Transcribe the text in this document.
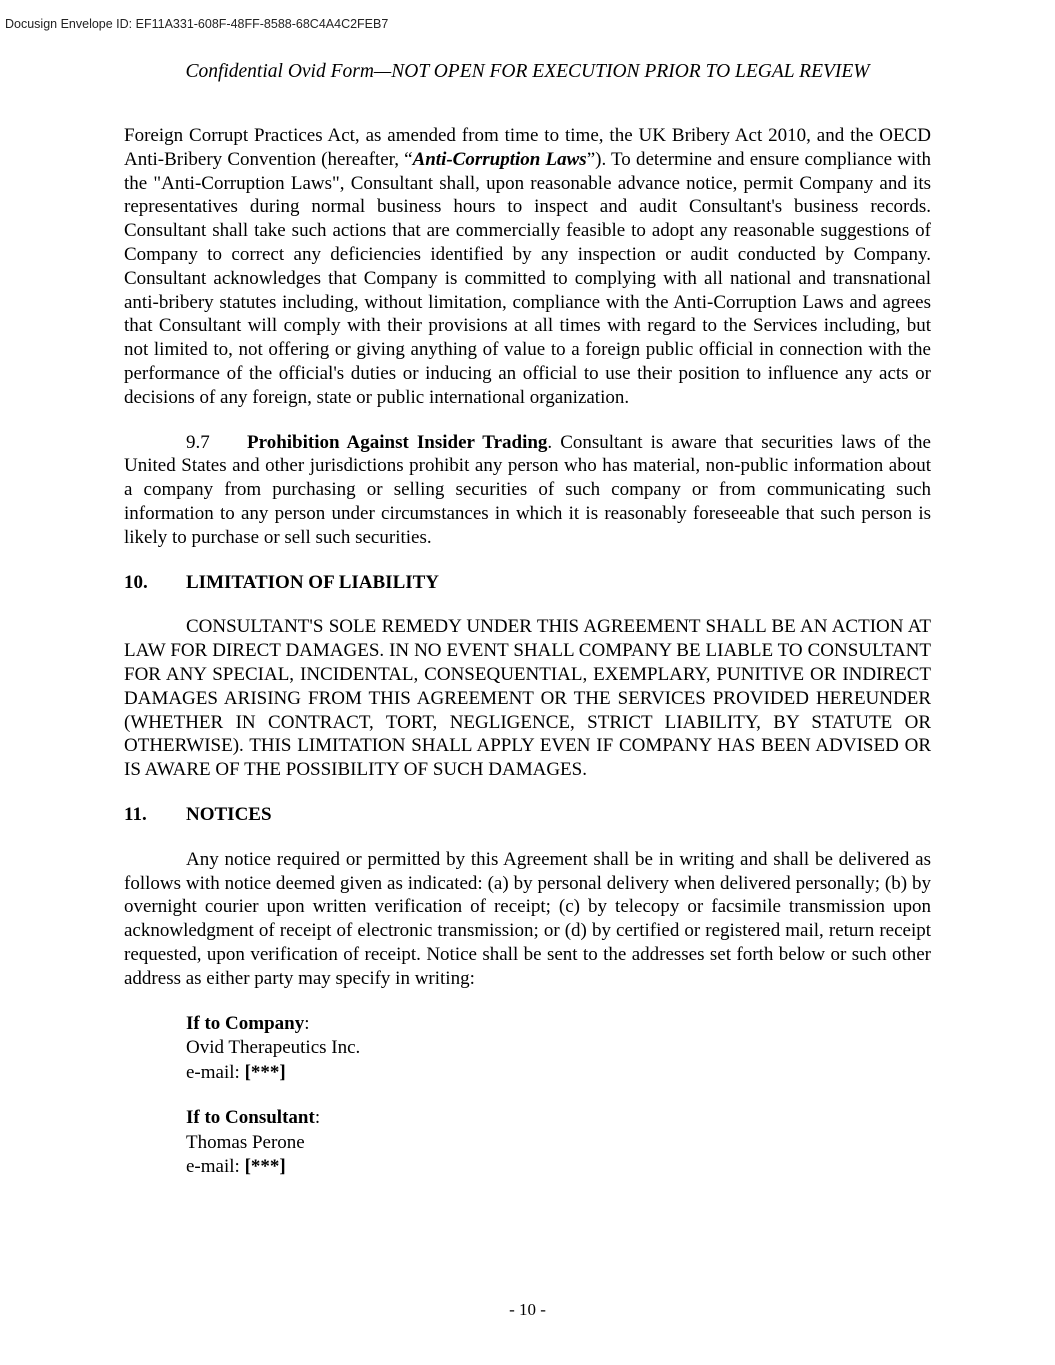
Docusign Envelope ID: EF11A331-608F-48FF-8588-68C4A4C2FEB7
Confidential Ovid Form—NOT OPEN FOR EXECUTION PRIOR TO LEGAL REVIEW

Foreign Corrupt Practices Act, as amended from time to time, the UK Bribery Act 2010, and the OECD Anti-Bribery Convention (hereafter, “Anti-Corruption Laws”). To determine and ensure compliance with the "Anti-Corruption Laws", Consultant shall, upon reasonable advance notice, permit Company and its representatives during normal business hours to inspect and audit Consultant's business records. Consultant shall take such actions that are commercially feasible to adopt any reasonable suggestions of Company to correct any deficiencies identified by any inspection or audit conducted by Company. Consultant acknowledges that Company is committed to complying with all national and transnational anti-bribery statutes including, without limitation, compliance with the Anti-Corruption Laws and agrees that Consultant will comply with their provisions at all times with regard to the Services including, but not limited to, not offering or giving anything of value to a foreign public official in connection with the performance of the official's duties or inducing an official to use their position to influence any acts or decisions of any foreign, state or public international organization.

9.7 Prohibition Against Insider Trading. Consultant is aware that securities laws of the United States and other jurisdictions prohibit any person who has material, non-public information about a company from purchasing or selling securities of such company or from communicating such information to any person under circumstances in which it is reasonably foreseeable that such person is likely to purchase or sell such securities.

10. LIMITATION OF LIABILITY

CONSULTANT'S SOLE REMEDY UNDER THIS AGREEMENT SHALL BE AN ACTION AT LAW FOR DIRECT DAMAGES. IN NO EVENT SHALL COMPANY BE LIABLE TO CONSULTANT FOR ANY SPECIAL, INCIDENTAL, CONSEQUENTIAL, EXEMPLARY, PUNITIVE OR INDIRECT DAMAGES ARISING FROM THIS AGREEMENT OR THE SERVICES PROVIDED HEREUNDER (WHETHER IN CONTRACT, TORT, NEGLIGENCE, STRICT LIABILITY, BY STATUTE OR OTHERWISE). THIS LIMITATION SHALL APPLY EVEN IF COMPANY HAS BEEN ADVISED OR IS AWARE OF THE POSSIBILITY OF SUCH DAMAGES.

11. NOTICES

Any notice required or permitted by this Agreement shall be in writing and shall be delivered as follows with notice deemed given as indicated: (a) by personal delivery when delivered personally; (b) by overnight courier upon written verification of receipt; (c) by telecopy or facsimile transmission upon acknowledgment of receipt of electronic transmission; or (d) by certified or registered mail, return receipt requested, upon verification of receipt. Notice shall be sent to the addresses set forth below or such other address as either party may specify in writing:

If to Company:
Ovid Therapeutics Inc.
e-mail: [***]
If to Consultant:
Thomas Perone
e-mail: [***]
- 10 -
